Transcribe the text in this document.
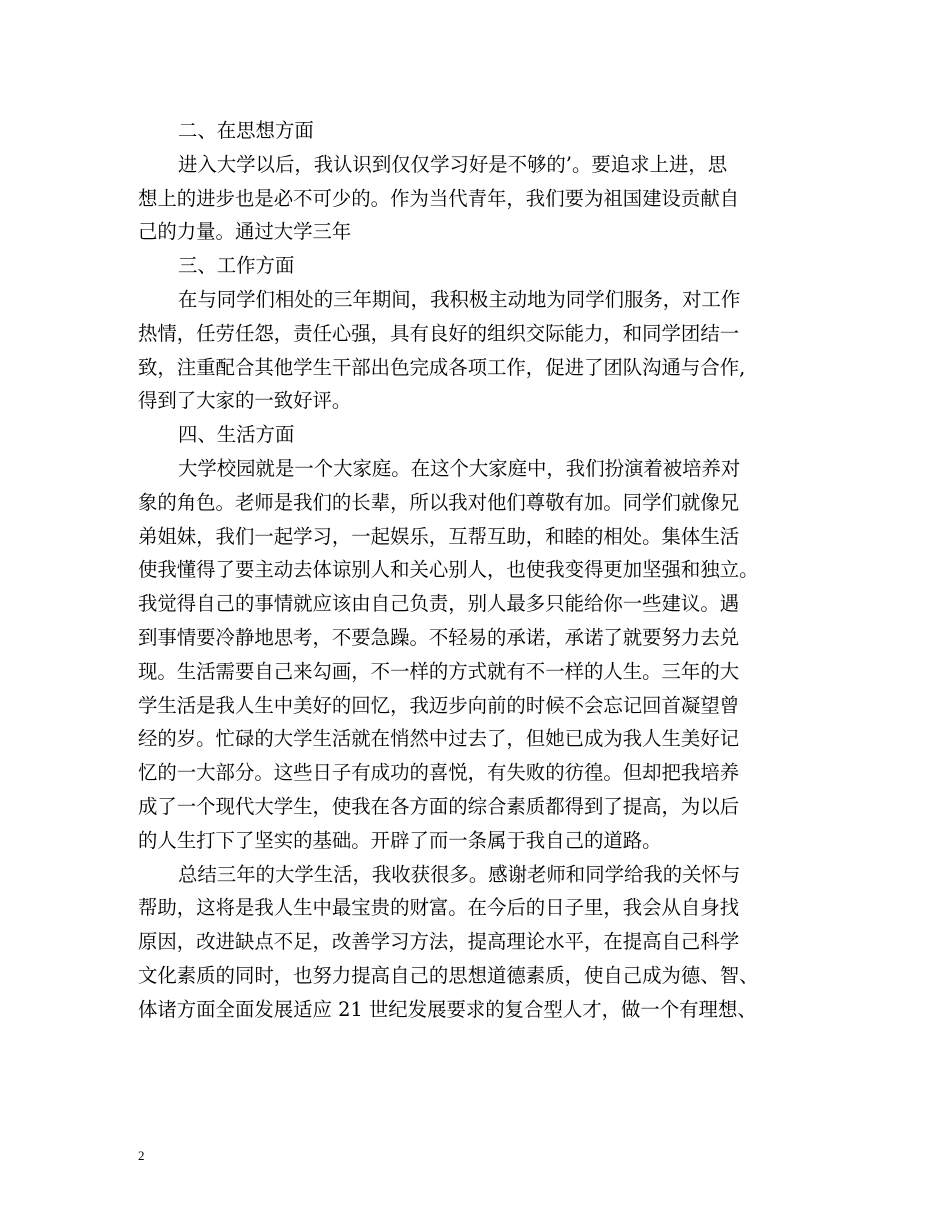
二、在思想方面
进入大学以后，我认识到仅仅学习好是不够的’。要追求上进，思
想上的进步也是必不可少的。作为当代青年，我们要为祖国建设贡献自
己的力量。通过大学三年
三、工作方面
在与同学们相处的三年期间，我积极主动地为同学们服务，对工作
热情，任劳任怨，责任心强，具有良好的组织交际能力，和同学团结一
致，注重配合其他学生干部出色完成各项工作，促进了团队沟通与合作,
得到了大家的一致好评。
四、生活方面
大学校园就是一个大家庭。在这个大家庭中，我们扮演着被培养对
象的角色。老师是我们的长辈，所以我对他们尊敬有加。同学们就像兄
弟姐妹，我们一起学习，一起娱乐，互帮互助，和睦的相处。集体生活
使我懂得了要主动去体谅别人和关心别人，也使我变得更加坚强和独立。
我觉得自己的事情就应该由自己负责，别人最多只能给你一些建议。遇
到事情要冷静地思考，不要急躁。不轻易的承诺，承诺了就要努力去兑
现。生活需要自己来勾画，不一样的方式就有不一样的人生。三年的大
学生活是我人生中美好的回忆，我迈步向前的时候不会忘记回首凝望曾
经的岁。忙碌的大学生活就在悄然中过去了，但她已成为我人生美好记
忆的一大部分。这些日子有成功的喜悦，有失败的彷徨。但却把我培养
成了一个现代大学生，使我在各方面的综合素质都得到了提高，为以后
的人生打下了坚实的基础。开辟了而一条属于我自己的道路。
总结三年的大学生活，我收获很多。感谢老师和同学给我的关怀与
帮助，这将是我人生中最宝贵的财富。在今后的日子里，我会从自身找
原因，改进缺点不足，改善学习方法，提高理论水平，在提高自己科学
文化素质的同时，也努力提高自己的思想道德素质，使自己成为德、智、
体诸方面全面发展适应 21 世纪发展要求的复合型人才，做一个有理想、
2
